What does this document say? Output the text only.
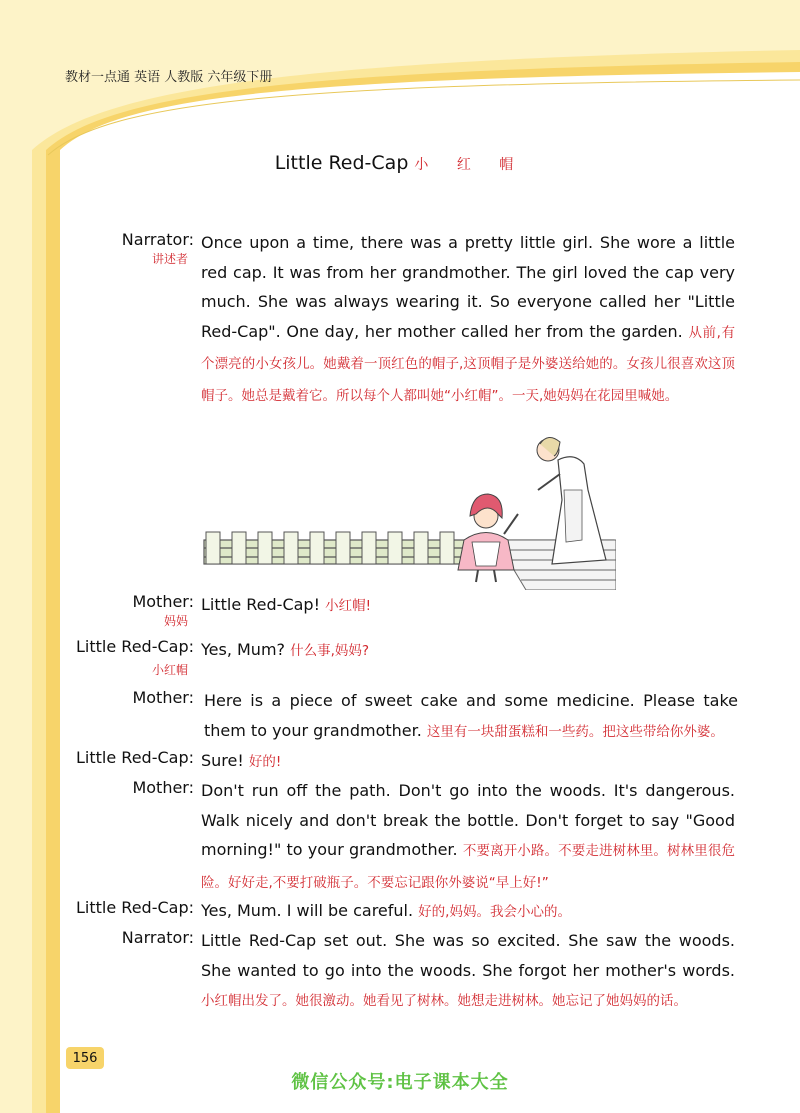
教材一点通 英语 人教版 六年级下册
Little Red-Cap 小 红 帽
Narrator:
讲述者
Once upon a time, there was a pretty little girl. She wore a little red cap. It was from her grandmother. The girl loved the cap very much. She was always wearing it. So everyone called her "Little Red-Cap". One day, her mother called her from the garden. 从前,有个漂亮的小女孩儿。她戴着一顶红色的帽子,这顶帽子是外婆送给她的。女孩儿很喜欢这顶帽子。她总是戴着它。所以每个人都叫她“小红帽”。一天,她妈妈在花园里喊她。
Mother:
妈妈
Little Red-Cap! 小红帽!
Little Red-Cap:
小红帽
Yes, Mum? 什么事,妈妈?
Mother: Here is a piece of sweet cake and some medicine. Please take them to your grandmother. 这里有一块甜蛋糕和一些药。把这些带给你外婆。
Little Red-Cap: Sure! 好的!
Mother: Don't run off the path. Don't go into the woods. It's dangerous. Walk nicely and don't break the bottle. Don't forget to say "Good morning!" to your grandmother. 不要离开小路。不要走进树林里。树林里很危险。好好走,不要打破瓶子。不要忘记跟你外婆说“早上好!”
Little Red-Cap: Yes, Mum. I will be careful. 好的,妈妈。我会小心的。
Narrator: Little Red-Cap set out. She was so excited. She saw the woods. She wanted to go into the woods. She forgot her mother's words. 小红帽出发了。她很激动。她看见了树林。她想走进树林。她忘记了她妈妈的话。
156
微信公众号:电子课本大全
